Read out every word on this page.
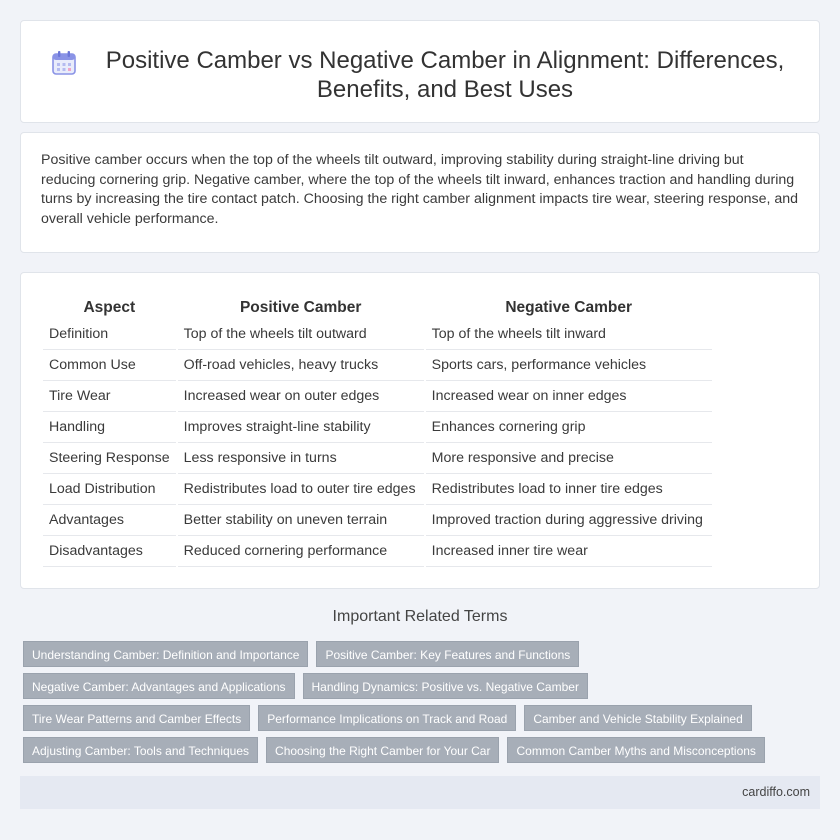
Positive Camber vs Negative Camber in Alignment: Differences, Benefits, and Best Uses

Positive camber occurs when the top of the wheels tilt outward, improving stability during straight-line driving but reducing cornering grip. Negative camber, where the top of the wheels tilt inward, enhances traction and handling during turns by increasing the tire contact patch. Choosing the right camber alignment impacts tire wear, steering response, and overall vehicle performance.

Aspect	Positive Camber	Negative Camber
Definition	Top of the wheels tilt outward	Top of the wheels tilt inward
Common Use	Off-road vehicles, heavy trucks	Sports cars, performance vehicles
Tire Wear	Increased wear on outer edges	Increased wear on inner edges
Handling	Improves straight-line stability	Enhances cornering grip
Steering Response	Less responsive in turns	More responsive and precise
Load Distribution	Redistributes load to outer tire edges	Redistributes load to inner tire edges
Advantages	Better stability on uneven terrain	Improved traction during aggressive driving
Disadvantages	Reduced cornering performance	Increased inner tire wear
Important Related Terms
Understanding Camber: Definition and Importance	Positive Camber: Key Features and Functions
Negative Camber: Advantages and Applications	Handling Dynamics: Positive vs. Negative Camber
Tire Wear Patterns and Camber Effects	Performance Implications on Track and Road	Camber and Vehicle Stability Explained
Adjusting Camber: Tools and Techniques	Choosing the Right Camber for Your Car	Common Camber Myths and Misconceptions
cardiffo.com
